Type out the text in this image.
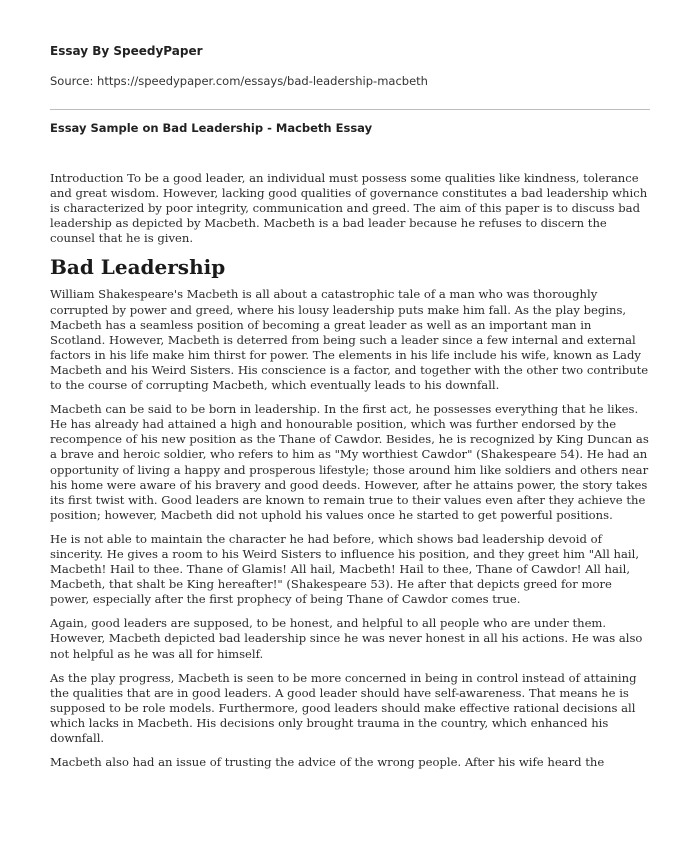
Essay By SpeedyPaper
Source: https://speedypaper.com/essays/bad-leadership-macbeth
Essay Sample on Bad Leadership - Macbeth Essay

Introduction To be a good leader, an individual must possess some qualities like kindness, tolerance and great wisdom. However, lacking good qualities of governance constitutes a bad leadership which is characterized by poor integrity, communication and greed. The aim of this paper is to discuss bad leadership as depicted by Macbeth. Macbeth is a bad leader because he refuses to discern the counsel that he is given.

Bad Leadership

William Shakespeare's Macbeth is all about a catastrophic tale of a man who was thoroughly corrupted by power and greed, where his lousy leadership puts make him fall. As the play begins, Macbeth has a seamless position of becoming a great leader as well as an important man in Scotland. However, Macbeth is deterred from being such a leader since a few internal and external factors in his life make him thirst for power. The elements in his life include his wife, known as Lady Macbeth and his Weird Sisters. His conscience is a factor, and together with the other two contribute to the course of corrupting Macbeth, which eventually leads to his downfall.

Macbeth can be said to be born in leadership. In the first act, he possesses everything that he likes. He has already had attained a high and honourable position, which was further endorsed by the recompence of his new position as the Thane of Cawdor. Besides, he is recognized by King Duncan as a brave and heroic soldier, who refers to him as "My worthiest Cawdor" (Shakespeare 54). He had an opportunity of living a happy and prosperous lifestyle; those around him like soldiers and others near his home were aware of his bravery and good deeds. However, after he attains power, the story takes its first twist with. Good leaders are known to remain true to their values even after they achieve the position; however, Macbeth did not uphold his values once he started to get powerful positions.

He is not able to maintain the character he had before, which shows bad leadership devoid of sincerity. He gives a room to his Weird Sisters to influence his position, and they greet him "All hail, Macbeth! Hail to thee. Thane of Glamis! All hail, Macbeth! Hail to thee, Thane of Cawdor! All hail, Macbeth, that shalt be King hereafter!" (Shakespeare 53). He after that depicts greed for more power, especially after the first prophecy of being Thane of Cawdor comes true.

Again, good leaders are supposed, to be honest, and helpful to all people who are under them. However, Macbeth depicted bad leadership since he was never honest in all his actions. He was also not helpful as he was all for himself.

As the play progress, Macbeth is seen to be more concerned in being in control instead of attaining the qualities that are in good leaders. A good leader should have self-awareness. That means he is supposed to be role models. Furthermore, good leaders should make effective rational decisions all which lacks in Macbeth. His decisions only brought trauma in the country, which enhanced his downfall.

Macbeth also had an issue of trusting the advice of the wrong people. After his wife heard the
